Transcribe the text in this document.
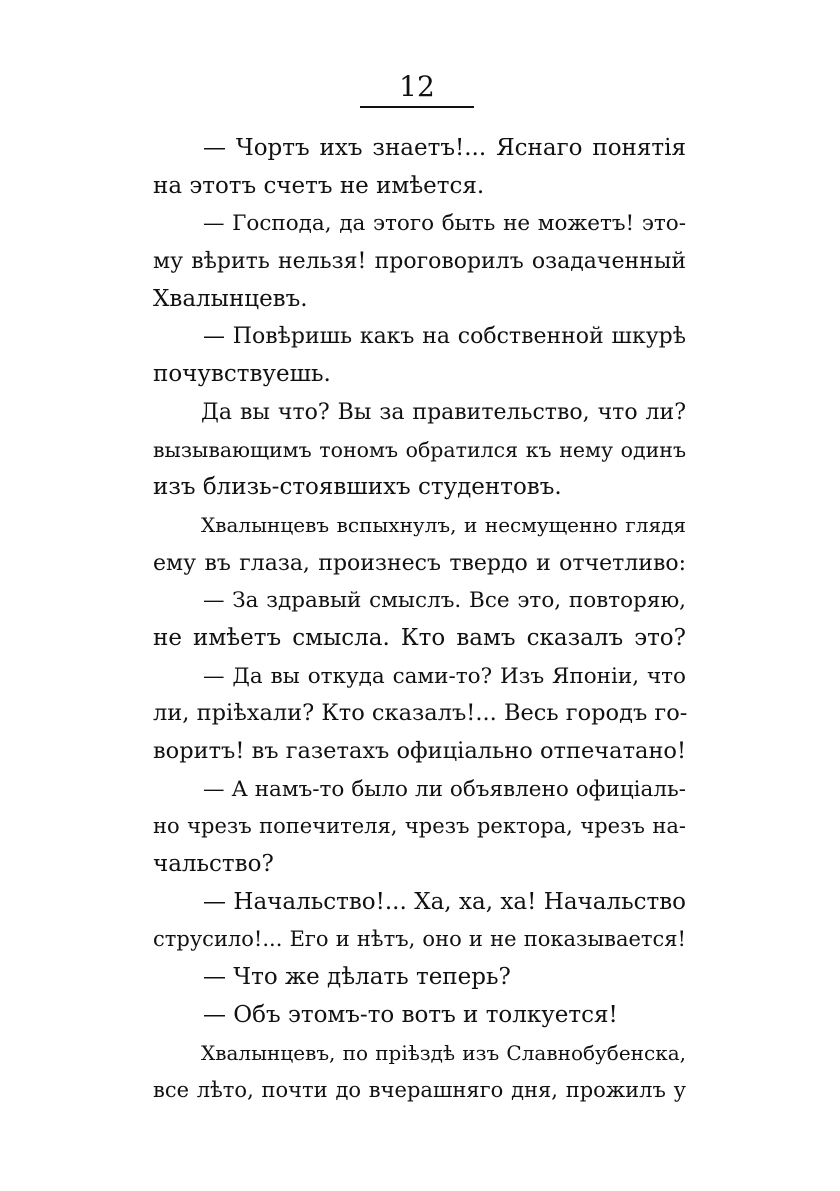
12
— Чортъ ихъ знаетъ!... Яснаго понятія
на этотъ счетъ не имѣется.
— Господа, да этого быть не можетъ! это-
му вѣрить нельзя! проговорилъ озадаченный
Хвалынцевъ.
— Повѣришь какъ на собственной шкурѣ
почувствуешь.
Да вы что? Вы за правительство, что ли?
вызывающимъ тономъ обратился къ нему одинъ
изъ близь-стоявшихъ студентовъ.
Хвалынцевъ вспыхнулъ, и несмущенно глядя
ему въ глаза, произнесъ твердо и отчетливо:
— За здравый смыслъ. Все это, повторяю,
не имѣетъ смысла. Кто вамъ сказалъ это?
— Да вы откуда сами-то? Изъ Японіи, что
ли, пріѣхали? Кто сказалъ!... Весь городъ го-
воритъ! въ газетахъ офиціально отпечатано!
— А намъ-то было ли объявлено офиціаль-
но чрезъ попечителя, чрезъ ректора, чрезъ на-
чальство?
— Начальство!... Ха, ха, ха! Начальство
струсило!... Его и нѣтъ, оно и не показывается!
— Что же дѣлать теперь?
— Объ этомъ-то вотъ и толкуется!
Хвалынцевъ, по пріѣздѣ изъ Славнобубенска,
все лѣто, почти до вчерашняго дня, прожилъ у
